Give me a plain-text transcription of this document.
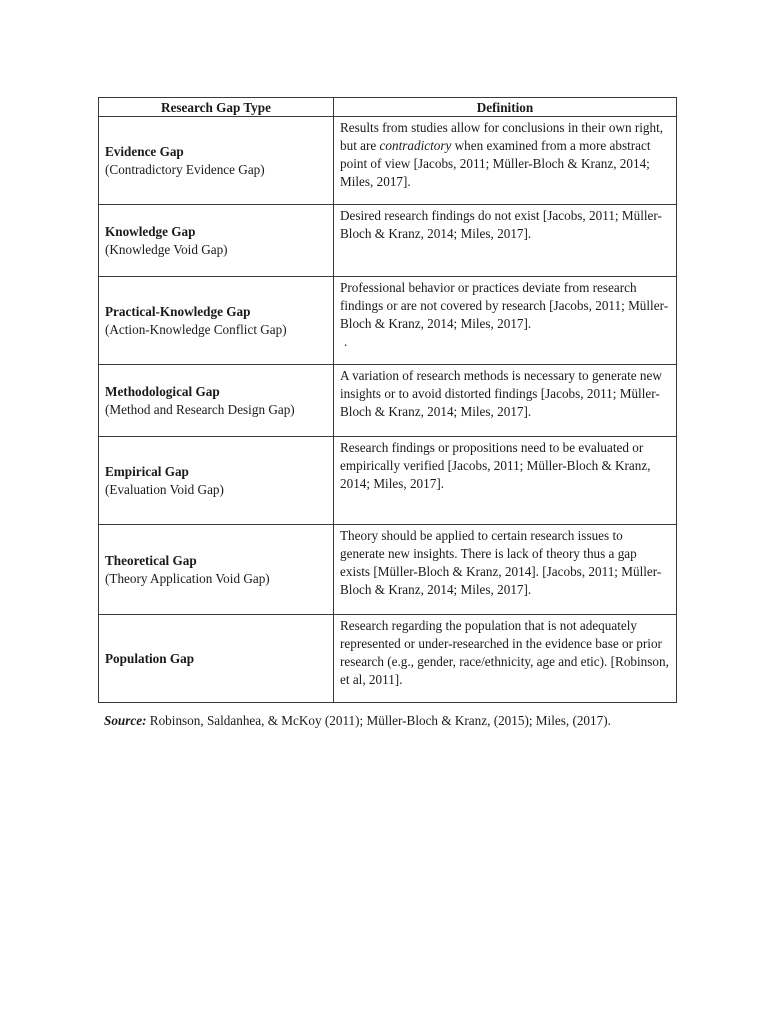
Research Gap Type	Definition

Evidence Gap
(Contradictory Evidence Gap)	Results from studies allow for conclusions in their own right, but are contradictory when examined from a more abstract point of view [Jacobs, 2011; Müller-Bloch & Kranz, 2014; Miles, 2017].

Knowledge Gap
(Knowledge Void Gap)	Desired research findings do not exist [Jacobs, 2011; Müller-Bloch & Kranz, 2014; Miles, 2017].

Practical-Knowledge Gap
(Action-Knowledge Conflict Gap)	Professional behavior or practices deviate from research findings or are not covered by research [Jacobs, 2011; Müller-Bloch & Kranz, 2014; Miles, 2017].
.

Methodological Gap
(Method and Research Design Gap)	A variation of research methods is necessary to generate new insights or to avoid distorted findings [Jacobs, 2011; Müller-Bloch & Kranz, 2014; Miles, 2017].

Empirical Gap
(Evaluation Void Gap)	Research findings or propositions need to be evaluated or empirically verified [Jacobs, 2011; Müller-Bloch & Kranz, 2014; Miles, 2017].

Theoretical Gap
(Theory Application Void Gap)	Theory should be applied to certain research issues to generate new insights. There is lack of theory thus a gap exists [Müller-Bloch & Kranz, 2014]. [Jacobs, 2011; Müller-Bloch & Kranz, 2014; Miles, 2017].

Population Gap	Research regarding the population that is not adequately represented or under-researched in the evidence base or prior research (e.g., gender, race/ethnicity, age and etic). [Robinson, et al, 2011].
Source: Robinson, Saldanhea, & McKoy (2011); Müller-Bloch & Kranz, (2015); Miles, (2017).
